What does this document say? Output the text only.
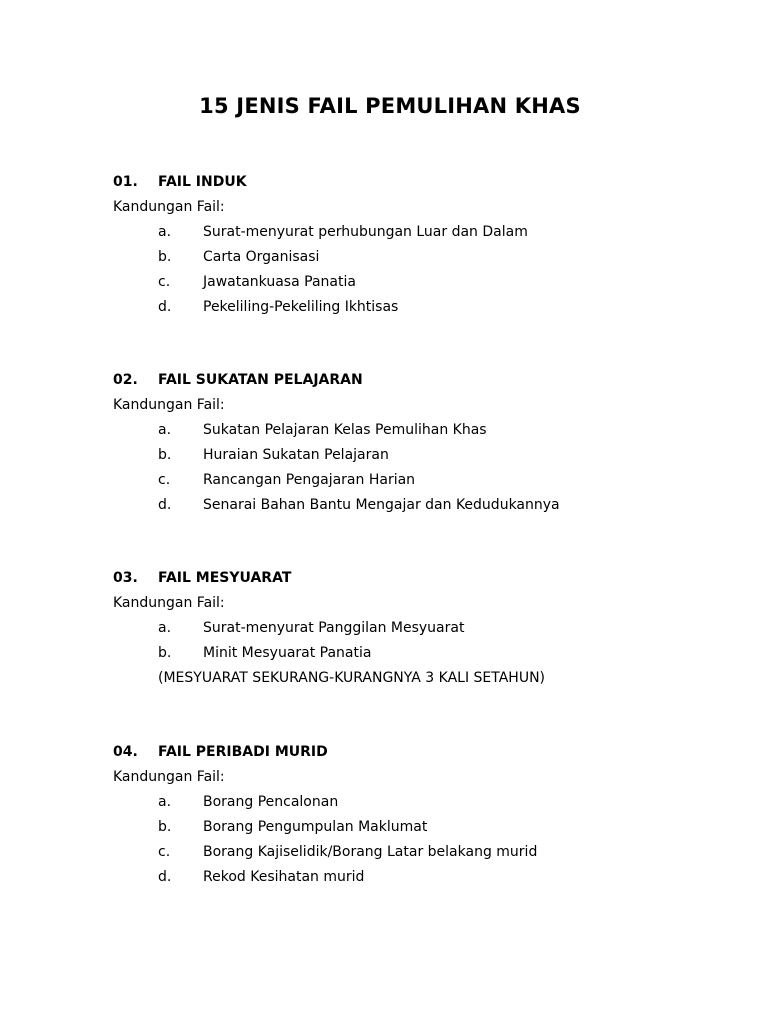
15 JENIS FAIL PEMULIHAN KHAS
01. FAIL INDUK
Kandungan Fail:
a. Surat-menyurat perhubungan Luar dan Dalam
b. Carta Organisasi
c. Jawatankuasa Panatia
d. Pekeliling-Pekeliling Ikhtisas
02. FAIL SUKATAN PELAJARAN
Kandungan Fail:
a. Sukatan Pelajaran Kelas Pemulihan Khas
b. Huraian Sukatan Pelajaran
c. Rancangan Pengajaran Harian
d. Senarai Bahan Bantu Mengajar dan Kedudukannya
03. FAIL MESYUARAT
Kandungan Fail:
a. Surat-menyurat Panggilan Mesyuarat
b. Minit Mesyuarat Panatia
(MESYUARAT SEKURANG-KURANGNYA 3 KALI SETAHUN)
04. FAIL PERIBADI MURID
Kandungan Fail:
a. Borang Pencalonan
b. Borang Pengumpulan Maklumat
c. Borang Kajiselidik/Borang Latar belakang murid
d. Rekod Kesihatan murid
